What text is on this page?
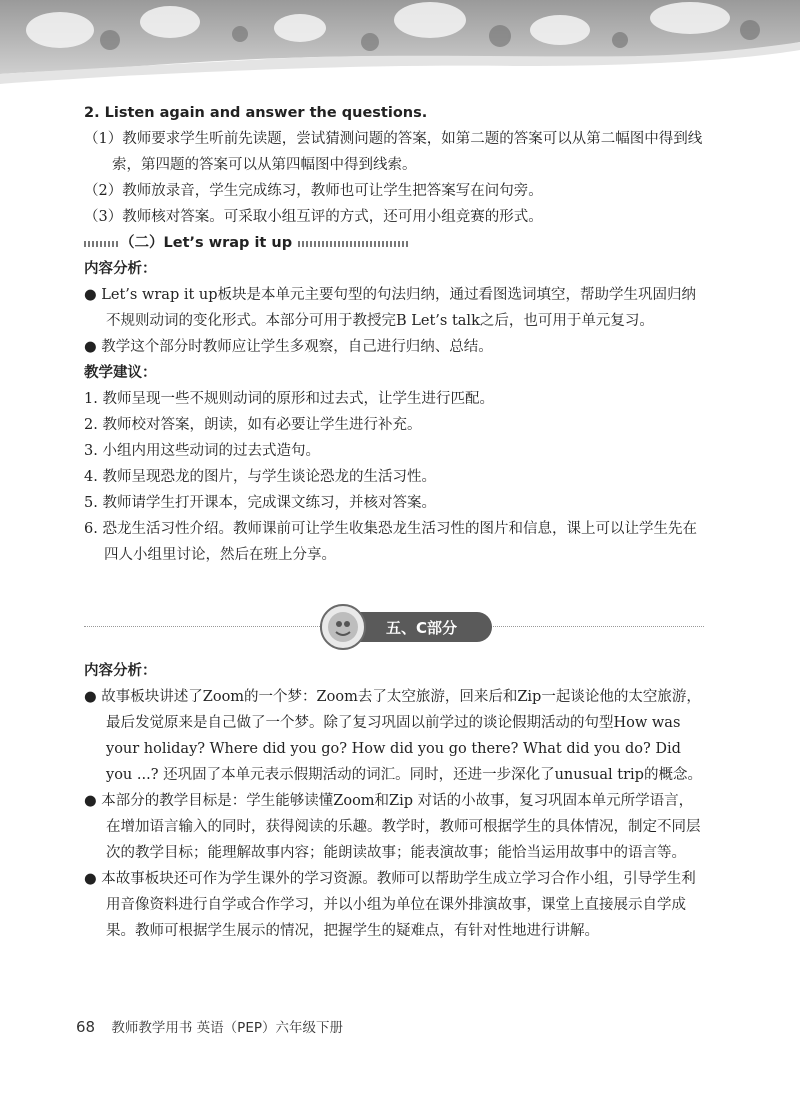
2. Listen again and answer the questions.

（1）教师要求学生听前先读题，尝试猜测问题的答案，如第二题的答案可以从第二幅图中得到线索，第四题的答案可以从第四幅图中得到线索。

（2）教师放录音，学生完成练习，教师也可让学生把答案写在问句旁。

（3）教师核对答案。可采取小组互评的方式，还可用小组竞赛的形式。

（二）Let’s wrap it up

内容分析：

● Let’s wrap it up板块是本单元主要句型的句法归纳，通过看图选词填空，帮助学生巩固归纳不规则动词的变化形式。本部分可用于教授完B Let’s talk之后，也可用于单元复习。

● 教学这个部分时教师应让学生多观察，自己进行归纳、总结。

教学建议：

1. 教师呈现一些不规则动词的原形和过去式，让学生进行匹配。

2. 教师校对答案，朗读，如有必要让学生进行补充。

3. 小组内用这些动词的过去式造句。

4. 教师呈现恐龙的图片，与学生谈论恐龙的生活习性。

5. 教师请学生打开课本，完成课文练习，并核对答案。

6. 恐龙生活习性介绍。教师课前可让学生收集恐龙生活习性的图片和信息，课上可以让学生先在四人小组里讨论，然后在班上分享。

五、C部分

内容分析：

● 故事板块讲述了Zoom的一个梦：Zoom去了太空旅游，回来后和Zip一起谈论他的太空旅游，最后发觉原来是自己做了一个梦。除了复习巩固以前学过的谈论假期活动的句型How was your holiday? Where did you go? How did you go there? What did you do? Did you ...? 还巩固了本单元表示假期活动的词汇。同时，还进一步深化了unusual trip的概念。

● 本部分的教学目标是：学生能够读懂Zoom和Zip 对话的小故事，复习巩固本单元所学语言，在增加语言输入的同时，获得阅读的乐趣。教学时，教师可根据学生的具体情况，制定不同层次的教学目标；能理解故事内容；能朗读故事；能表演故事；能恰当运用故事中的语言等。

● 本故事板块还可作为学生课外的学习资源。教师可以帮助学生成立学习合作小组，引导学生利用音像资料进行自学或合作学习，并以小组为单位在课外排演故事，课堂上直接展示自学成果。教师可根据学生展示的情况，把握学生的疑难点，有针对性地进行讲解。

68 教师教学用书 英语（PEP）六年级下册
